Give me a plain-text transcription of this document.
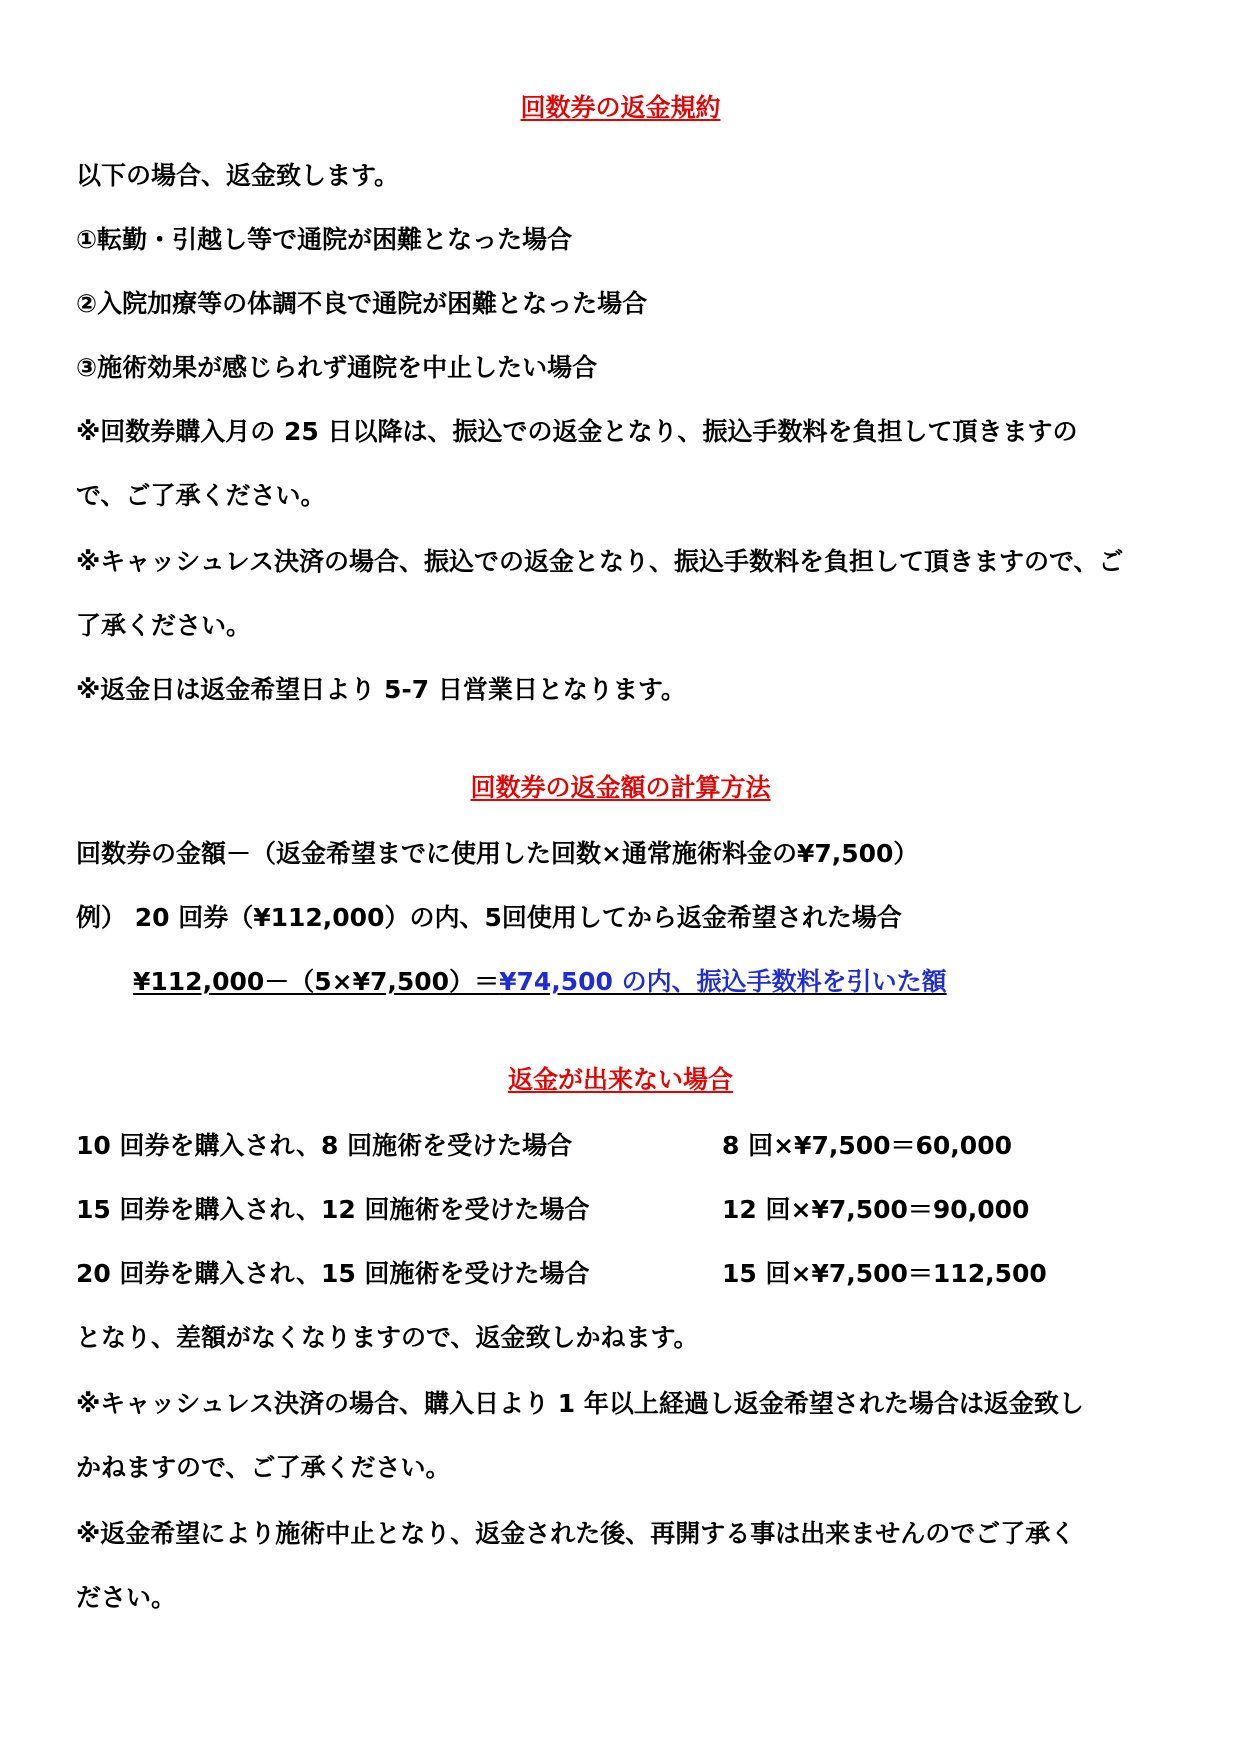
回数券の返金規約
以下の場合、返金致します。
①転勤・引越し等で通院が困難となった場合
②入院加療等の体調不良で通院が困難となった場合
③施術効果が感じられず通院を中止したい場合
※回数券購入月の 25 日以降は、振込での返金となり、振込手数料を負担して頂きますの
で、ご了承ください。
※キャッシュレス決済の場合、振込での返金となり、振込手数料を負担して頂きますので、ご
了承ください。
※返金日は返金希望日より 5-7 日営業日となります。
回数券の返金額の計算方法
回数券の金額－（返金希望までに使用した回数×通常施術料金の¥7,500）
例） 20 回券（¥112,000）の内、5回使用してから返金希望された場合
¥112,000－（5×¥7,500）＝¥74,500 の内、振込手数料を引いた額
返金が出来ない場合
10 回券を購入され、8 回施術を受けた場合	8 回×¥7,500＝60,000
15 回券を購入され、12 回施術を受けた場合	12 回×¥7,500＝90,000
20 回券を購入され、15 回施術を受けた場合	15 回×¥7,500＝112,500
となり、差額がなくなりますので、返金致しかねます。
※キャッシュレス決済の場合、購入日より 1 年以上経過し返金希望された場合は返金致し
かねますので、ご了承ください。
※返金希望により施術中止となり、返金された後、再開する事は出来ませんのでご了承く
ださい。
